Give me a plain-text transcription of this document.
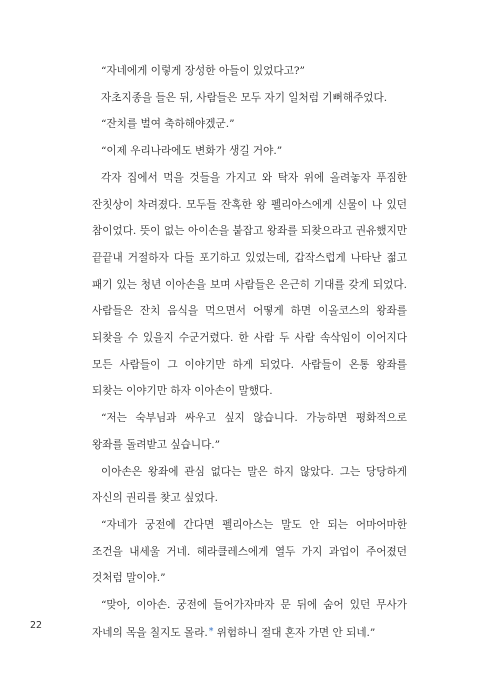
“자네에게 이렇게 장성한 아들이 있었다고?”

자초지종을 들은 뒤, 사람들은 모두 자기 일처럼 기뻐해주었다.

“잔치를 벌여 축하해야겠군.”

“이제 우리나라에도 변화가 생길 거야.”

각자 집에서 먹을 것들을 가지고 와 탁자 위에 올려놓자 푸짐한 잔칫상이 차려졌다. 모두들 잔혹한 왕 펠리아스에게 신물이 나 있던 참이었다. 뜻이 없는 아이손을 붙잡고 왕좌를 되찾으라고 권유했지만 끝끝내 거절하자 다들 포기하고 있었는데, 갑작스럽게 나타난 젊고 패기 있는 청년 이아손을 보며 사람들은 은근히 기대를 갖게 되었다. 사람들은 잔치 음식을 먹으면서 어떻게 하면 이올코스의 왕좌를 되찾을 수 있을지 수군거렸다. 한 사람 두 사람 속삭임이 이어지다 모든 사람들이 그 이야기만 하게 되었다. 사람들이 온통 왕좌를 되찾는 이야기만 하자 이아손이 말했다.

“저는 숙부님과 싸우고 싶지 않습니다. 가능하면 평화적으로 왕좌를 돌려받고 싶습니다.”

이아손은 왕좌에 관심 없다는 말은 하지 않았다. 그는 당당하게 자신의 권리를 찾고 싶었다.

“자네가 궁전에 간다면 펠리아스는 말도 안 되는 어마어마한 조건을 내세울 거네. 헤라클레스에게 열두 가지 과업이 주어졌던 것처럼 말이야.”

“맞아, 이아손. 궁전에 들어가자마자 문 뒤에 숨어 있던 무사가 자네의 목을 칠지도 몰라.* 위험하니 절대 혼자 가면 안 되네.”

22
